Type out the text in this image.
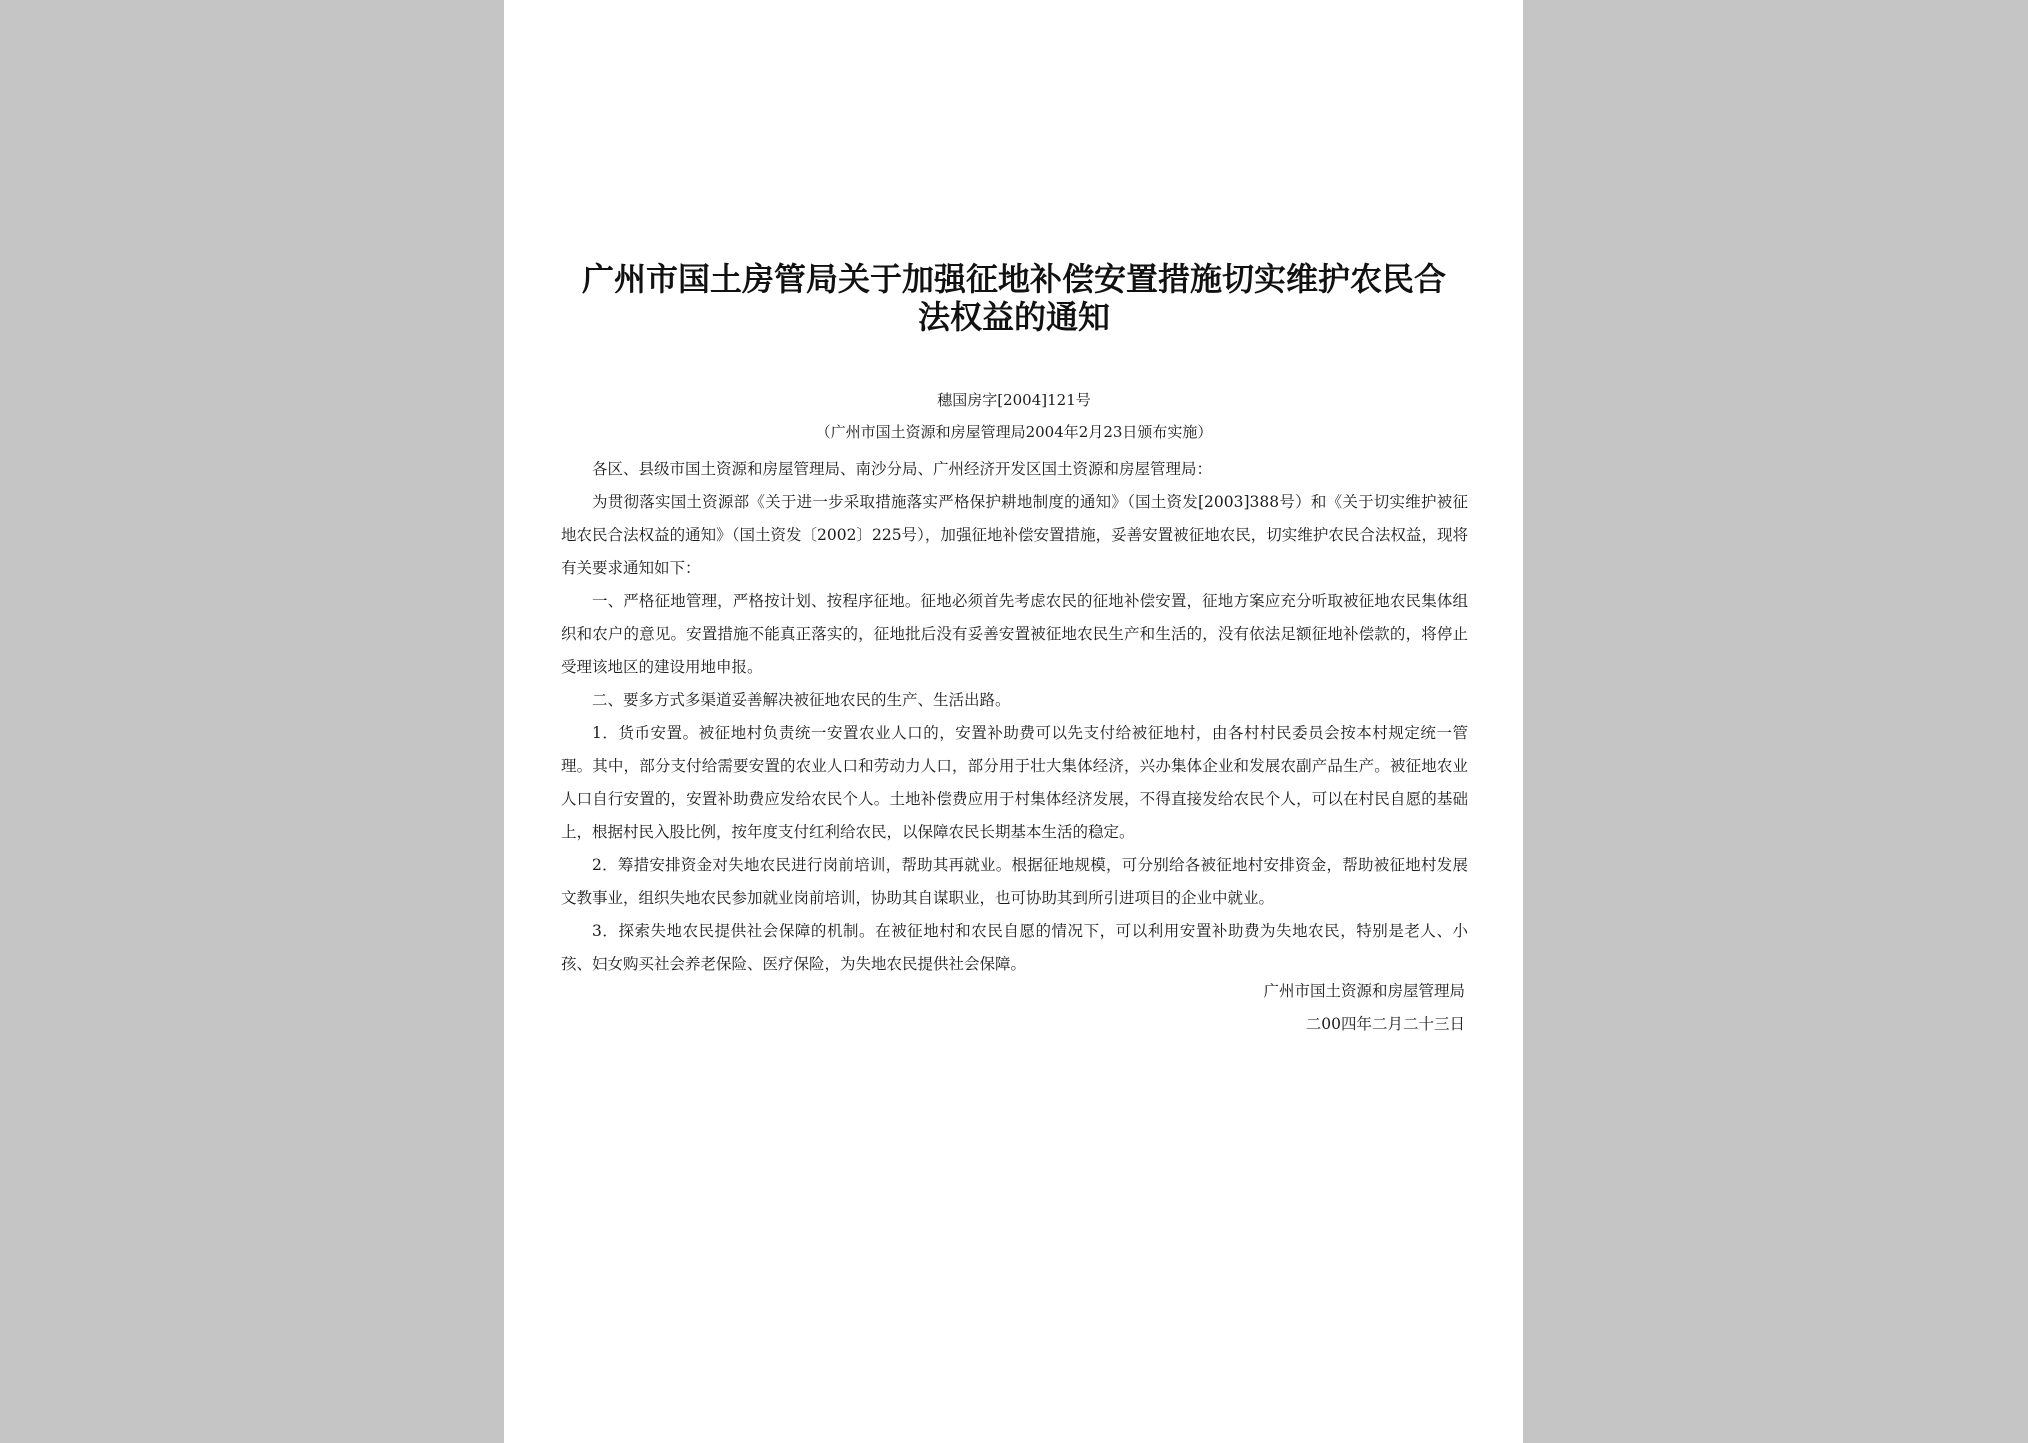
广州市国土房管局关于加强征地补偿安置措施切实维护农民合法权益的通知
穗国房字[2004]121号
（广州市国土资源和房屋管理局2004年2月23日颁布实施）

各区、县级市国土资源和房屋管理局、南沙分局、广州经济开发区国土资源和房屋管理局：

为贯彻落实国土资源部《关于进一步采取措施落实严格保护耕地制度的通知》（国土资发[2003]388号）和《关于切实维护被征地农民合法权益的通知》（国土资发〔2002〕225号），加强征地补偿安置措施，妥善安置被征地农民，切实维护农民合法权益，现将有关要求通知如下：

一、严格征地管理，严格按计划、按程序征地。征地必须首先考虑农民的征地补偿安置，征地方案应充分听取被征地农民集体组织和农户的意见。安置措施不能真正落实的，征地批后没有妥善安置被征地农民生产和生活的，没有依法足额征地补偿款的，将停止受理该地区的建设用地申报。

二、要多方式多渠道妥善解决被征地农民的生产、生活出路。

1．货币安置。被征地村负责统一安置农业人口的，安置补助费可以先支付给被征地村，由各村村民委员会按本村规定统一管理。其中，部分支付给需要安置的农业人口和劳动力人口，部分用于壮大集体经济，兴办集体企业和发展农副产品生产。被征地农业人口自行安置的，安置补助费应发给农民个人。土地补偿费应用于村集体经济发展，不得直接发给农民个人，可以在村民自愿的基础上，根据村民入股比例，按年度支付红利给农民，以保障农民长期基本生活的稳定。

2．筹措安排资金对失地农民进行岗前培训，帮助其再就业。根据征地规模，可分别给各被征地村安排资金，帮助被征地村发展文教事业，组织失地农民参加就业岗前培训，协助其自谋职业，也可协助其到所引进项目的企业中就业。

3．探索失地农民提供社会保障的机制。在被征地村和农民自愿的情况下，可以利用安置补助费为失地农民，特别是老人、小孩、妇女购买社会养老保险、医疗保险，为失地农民提供社会保障。

广州市国土资源和房屋管理局
二00四年二月二十三日
